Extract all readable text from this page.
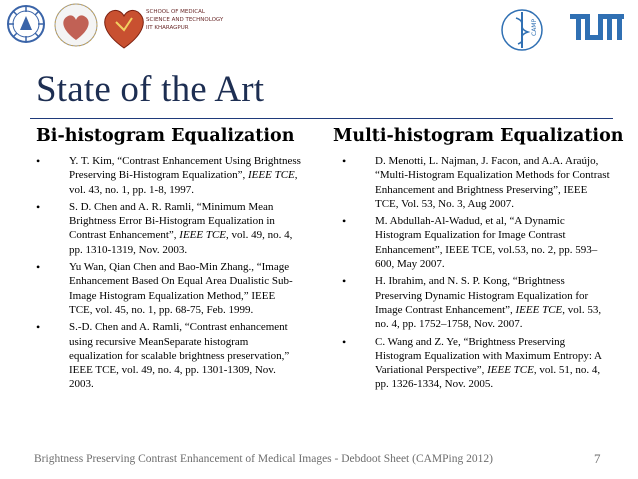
SCHOOL OF MEDICAL
SCIENCE AND TECHNOLOGY
IIT KHARAGPUR	CAMP
State of the Art
Bi-histogram Equalization Multi-histogram Equalization
•	Y. T. Kim, “Contrast Enhancement Using Brightness Preserving Bi-Histogram Equalization”, IEEE TCE, vol. 43, no. 1, pp. 1-8, 1997.
•	S. D. Chen and A. R. Ramli, “Minimum Mean Brightness Error Bi-Histogram Equalization in Contrast Enhancement”, IEEE TCE, vol. 49, no. 4, pp. 1310-1319, Nov. 2003.
•	Yu Wan, Qian Chen and Bao-Min Zhang., “Image Enhancement Based On Equal Area Dualistic Sub-Image Histogram Equalization Method,” IEEE TCE, vol. 45, no. 1, pp. 68-75, Feb. 1999.
•	S.-D. Chen and A. Ramli, “Contrast enhancement using recursive MeanSeparate histogram equalization for scalable brightness preservation,” IEEE TCE, vol. 49, no. 4, pp. 1301-1309, Nov. 2003.
•	D. Menotti, L. Najman, J. Facon, and A.A. Araújo, “Multi-Histogram Equalization Methods for Contrast Enhancement and Brightness Preserving”, IEEE TCE, Vol. 53, No. 3, Aug 2007.
•	M. Abdullah-Al-Wadud, et al, “A Dynamic Histogram Equalization for Image Contrast Enhancement”, IEEE TCE, vol.53, no. 2, pp. 593–600, May 2007.
•	H. Ibrahim, and N. S. P. Kong, “Brightness Preserving Dynamic Histogram Equalization for Image Contrast Enhancement”, IEEE TCE, vol. 53, no. 4, pp. 1752–1758, Nov. 2007.
•	C. Wang and Z. Ye, “Brightness Preserving Histogram Equalization with Maximum Entropy: A Variational Perspective”, IEEE TCE, vol. 51, no. 4, pp. 1326-1334, Nov. 2005.
Brightness Preserving Contrast Enhancement of Medical Images - Debdoot Sheet (CAMPing 2012)	7
